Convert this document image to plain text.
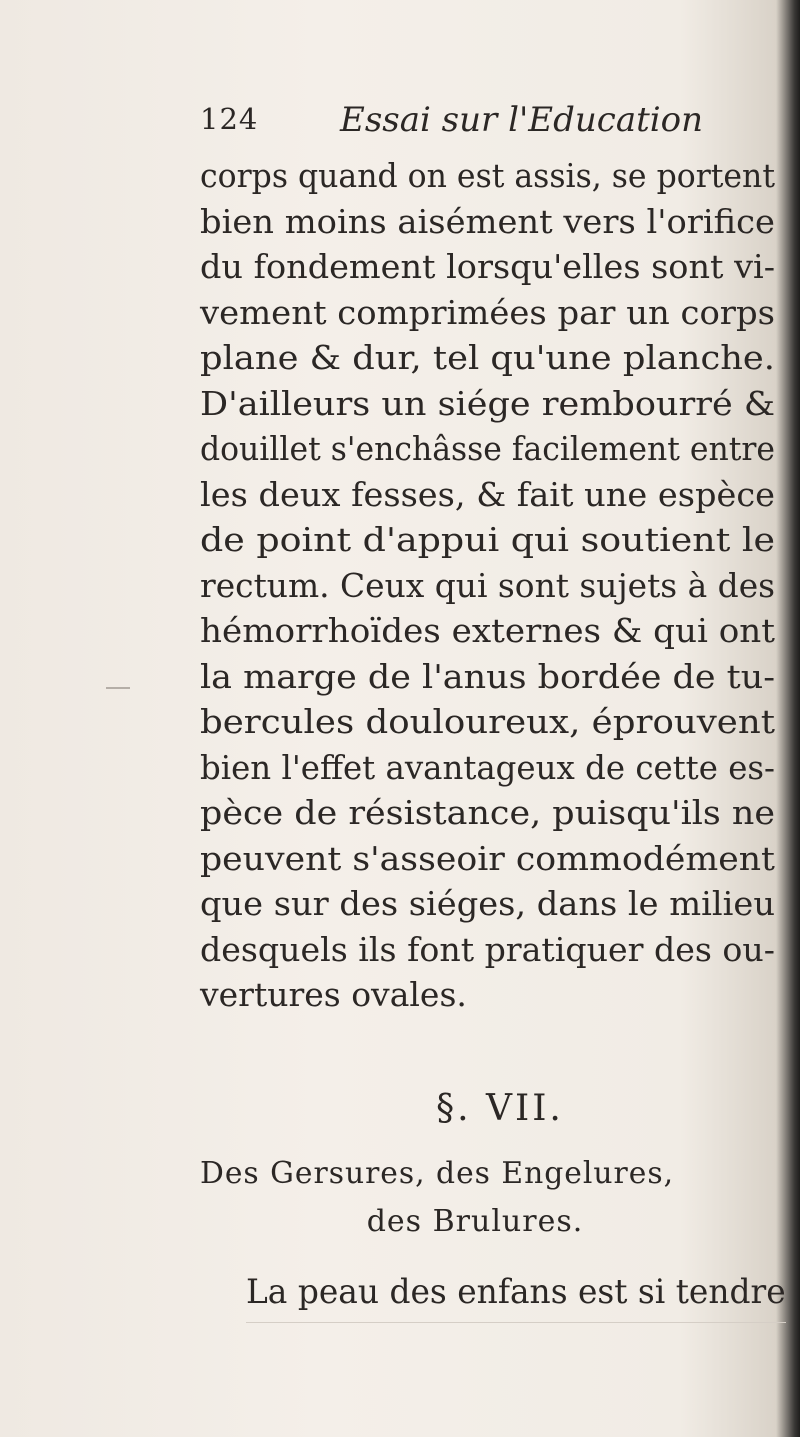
124 Essai sur l'Education
corps quand on est assis, se portent
bien moins aisément vers l'orifice
du fondement lorsqu'elles sont vi-
vement comprimées par un corps
plane & dur, tel qu'une planche.
D'ailleurs un siége rembourré &
douillet s'enchâsse facilement entre
les deux fesses, & fait une espèce
de point d'appui qui soutient le
rectum. Ceux qui sont sujets à des
hémorrhoïdes externes & qui ont
la marge de l'anus bordée de tu-
bercules douloureux, éprouvent
bien l'effet avantageux de cette es-
pèce de résistance, puisqu'ils ne
peuvent s'asseoir commodément
que sur des siéges, dans le milieu
desquels ils font pratiquer des ou-
vertures ovales.
§. VII.
Des Gersures, des Engelures,
des Brulures.
La peau des enfans est si tendre
